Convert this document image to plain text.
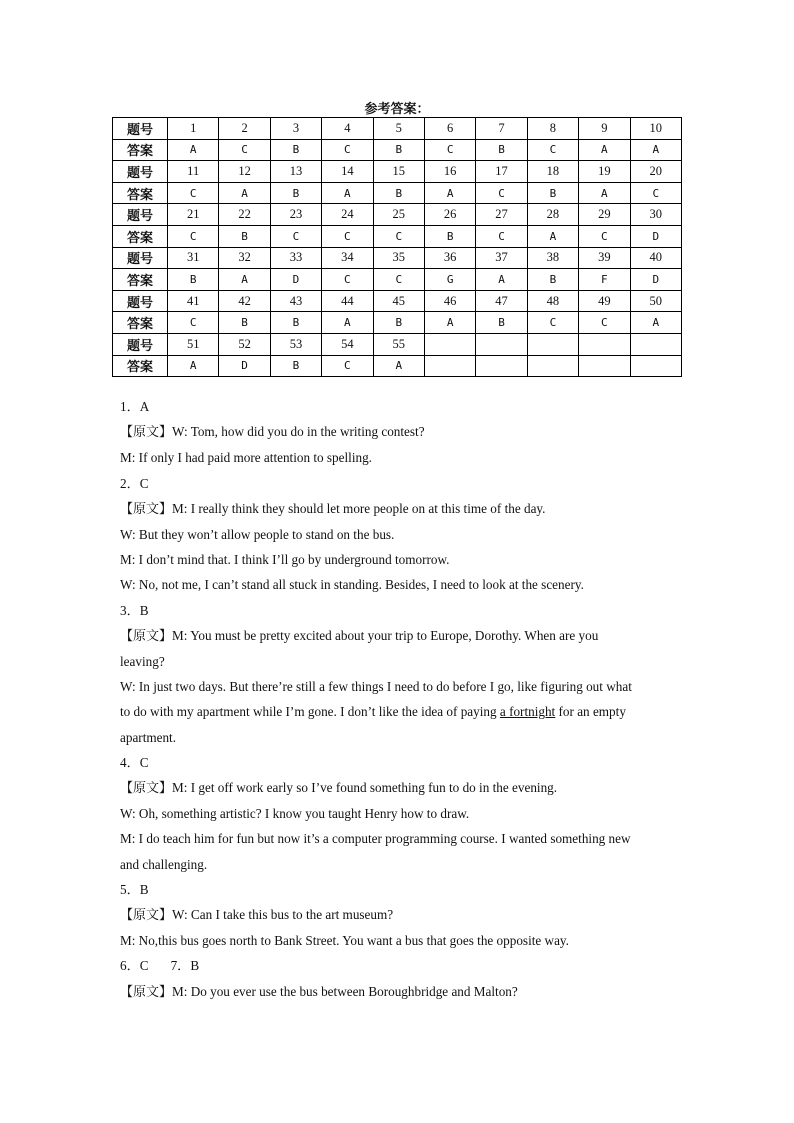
参考答案：
题号	1	2	3	4	5	6	7	8	9	10
答案	A	C	B	C	B	C	B	C	A	A
题号	11	12	13	14	15	16	17	18	19	20
答案	C	A	B	A	B	A	C	B	A	C
题号	21	22	23	24	25	26	27	28	29	30
答案	C	B	C	C	C	B	C	A	C	D
题号	31	32	33	34	35	36	37	38	39	40
答案	B	A	D	C	C	G	A	B	F	D
题号	41	42	43	44	45	46	47	48	49	50
答案	C	B	B	A	B	A	B	C	C	A
题号	51	52	53	54	55					
答案	A	D	B	C	A					

1．A

【原文】W: Tom, how did you do in the writing contest?

M: If only I had paid more attention to spelling.

2．C

【原文】M: I really think they should let more people on at this time of the day.

W: But they won’t allow people to stand on the bus.

M: I don’t mind that. I think I’ll go by underground tomorrow.

W: No, not me, I can’t stand all stuck in standing. Besides, I need to look at the scenery.

3．B

【原文】M: You must be pretty excited about your trip to Europe, Dorothy. When are you

leaving?

W: In just two days. But there’re still a few things I need to do before I go, like figuring out what

to do with my apartment while I’m gone. I don’t like the idea of paying a fortnight for an empty

apartment.

4．C

【原文】M: I get off work early so I’ve found something fun to do in the evening.

W: Oh, something artistic? I know you taught Henry how to draw.

M: I do teach him for fun but now it’s a computer programming course. I wanted something new

and challenging.

5．B

【原文】W: Can I take this bus to the art museum?

M: No,this bus goes north to Bank Street. You want a bus that goes the opposite way.

6．C 7．B

【原文】M: Do you ever use the bus between Boroughbridge and Malton?
